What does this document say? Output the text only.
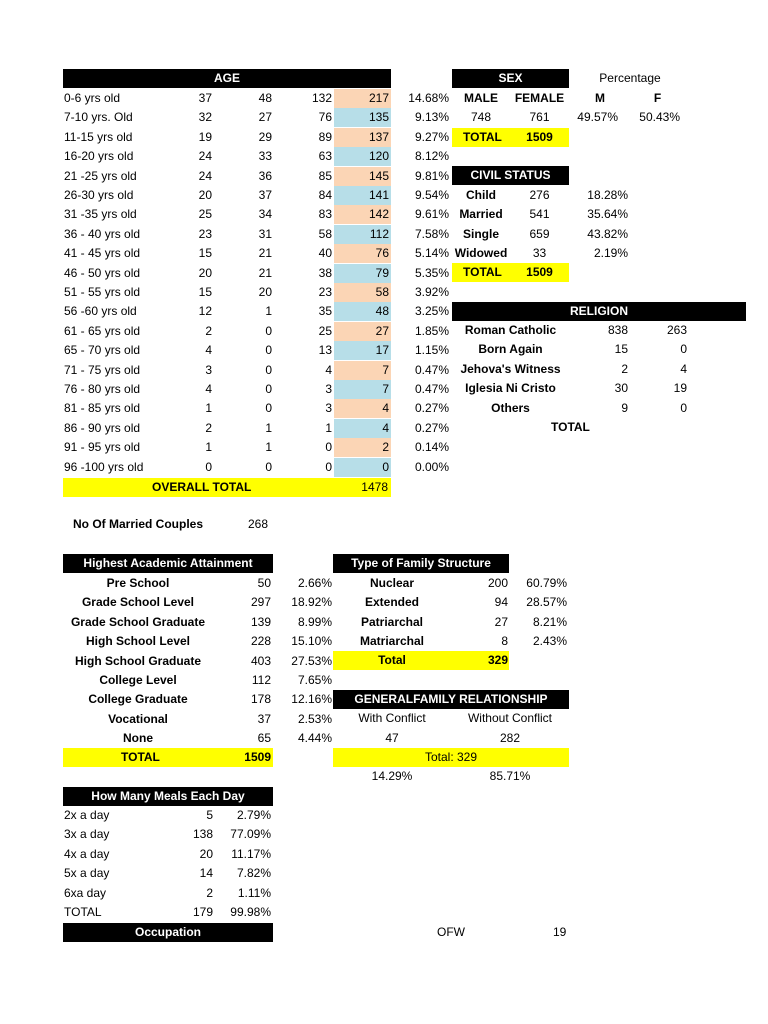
AGE
0-6 yrs old	37	48	132	217	14.68%
7-10 yrs. Old	32	27	76	135	9.13%
11-15 yrs old	19	29	89	137	9.27%
16-20 yrs old	24	33	63	120	8.12%
21 -25 yrs old	24	36	85	145	9.81%
26-30 yrs old	20	37	84	141	9.54%
31 -35 yrs old	25	34	83	142	9.61%
36 - 40 yrs old	23	31	58	112	7.58%
41 - 45 yrs old	15	21	40	76	5.14%
46 - 50 yrs old	20	21	38	79	5.35%
51 - 55 yrs old	15	20	23	58	3.92%
56 -60 yrs old	12	1	35	48	3.25%
61 - 65 yrs old	2	0	25	27	1.85%
65 - 70 yrs old	4	0	13	17	1.15%
71 - 75 yrs old	3	0	4	7	0.47%
76 - 80 yrs old	4	0	3	7	0.47%
81 - 85 yrs old	1	0	3	4	0.27%
86 - 90 yrs old	2	1	1	4	0.27%
91 - 95 yrs old	1	1	0	2	0.14%
96 -100 yrs old	0	0	0	0	0.00%
OVERALL TOTAL	1478
SEX	Percentage
MALE	FEMALE	M	F
748	761	49.57%	50.43%
TOTAL	1509
CIVIL STATUS
Child	276	18.28%
Married	541	35.64%
Single	659	43.82%
Widowed	33	2.19%
TOTAL	1509
RELIGION
Roman Catholic	838	263
Born Again	15	0
Jehova's Witness	2	4
Iglesia Ni Cristo	30	19
Others	9	0
TOTAL
No Of Married Couples	268
Highest Academic Attainment
Pre School	50	2.66%
Grade School Level	297	18.92%
Grade School Graduate	139	8.99%
High School Level	228	15.10%
High School Graduate	403	27.53%
College Level	112	7.65%
College Graduate	178	12.16%
Vocational	37	2.53%
None	65	4.44%
TOTAL	1509
Type of Family Structure
Nuclear	200	60.79%
Extended	94	28.57%
Patriarchal	27	8.21%
Matriarchal	8	2.43%
Total	329
GENERALFAMILY RELATIONSHIP
With Conflict	Without Conflict
47	282
Total: 329
14.29%	85.71%
How Many Meals Each Day
2x a day	5	2.79%
3x a day	138	77.09%
4x a day	20	11.17%
5x a day	14	7.82%
6xa day	2	1.11%
TOTAL	179	99.98%
Occupation	OFW	19
